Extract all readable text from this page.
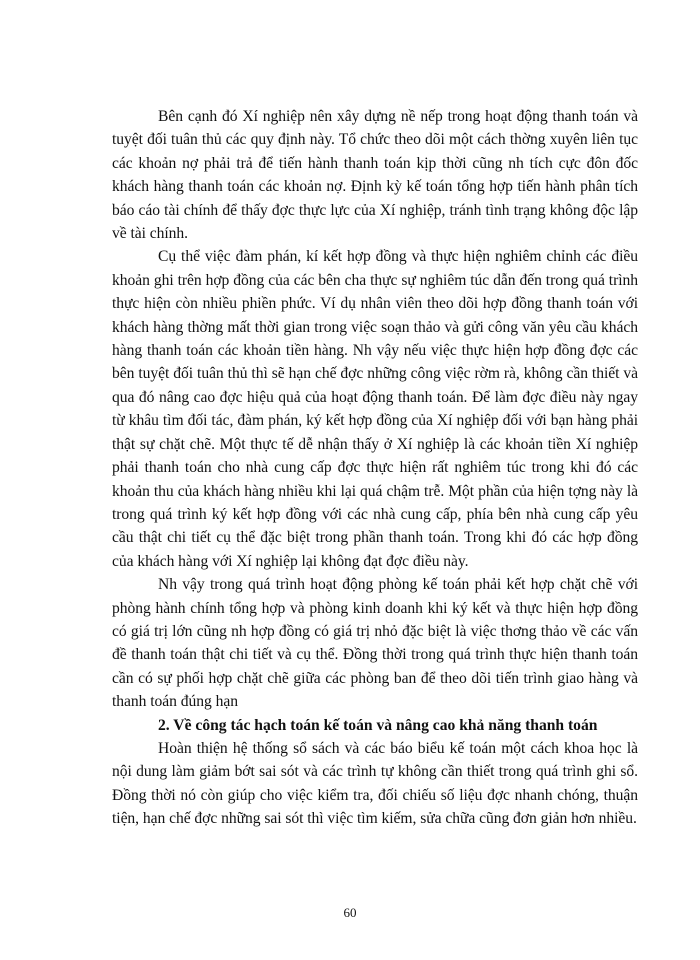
Bên cạnh đó Xí nghiệp nên xây dựng nề nếp trong hoạt động thanh toán và tuyệt đối tuân thủ các quy định này. Tổ chức theo dõi một cách thờng xuyên liên tục các khoản nợ phải trả để tiến hành thanh toán kịp thời cũng nh tích cực đôn đốc khách hàng thanh toán các khoản nợ. Định kỳ kế toán tổng hợp tiến hành phân tích báo cáo tài chính để thấy đợc thực lực của Xí nghiệp, tránh tình trạng không độc lập về tài chính.

Cụ thể việc đàm phán, kí kết hợp đồng và thực hiện nghiêm chỉnh các điều khoản ghi trên hợp đồng của các bên cha thực sự nghiêm túc dẫn đến trong quá trình thực hiện còn nhiều phiền phức. Ví dụ nhân viên theo dõi hợp đồng thanh toán với khách hàng thờng mất thời gian trong việc soạn thảo và gửi công văn yêu cầu khách hàng thanh toán các khoản tiền hàng. Nh vậy nếu việc thực hiện hợp đồng đợc các bên tuyệt đối tuân thủ thì sẽ hạn chế đợc những công việc rờm rà, không cần thiết và qua đó nâng cao đợc hiệu quả của hoạt động thanh toán. Để làm đợc điều này ngay từ khâu tìm đối tác, đàm phán, ký kết hợp đồng của Xí nghiệp đối với bạn hàng phải thật sự chặt chẽ. Một thực tế dễ nhận thấy ở Xí nghiệp là các khoản tiền Xí nghiệp phải thanh toán cho nhà cung cấp đợc thực hiện rất nghiêm túc trong khi đó các khoản thu của khách hàng nhiều khi lại quá chậm trễ. Một phần của hiện tợng này là trong quá trình ký kết hợp đồng với các nhà cung cấp, phía bên nhà cung cấp yêu cầu thật chi tiết cụ thể đặc biệt trong phần thanh toán. Trong khi đó các hợp đồng của khách hàng với Xí nghiệp lại không đạt đợc điều này.

Nh vậy trong quá trình hoạt động phòng kế toán phải kết hợp chặt chẽ với phòng hành chính tổng hợp và phòng kinh doanh khi ký kết và thực hiện hợp đồng có giá trị lớn cũng nh hợp đồng có giá trị nhỏ đặc biệt là việc thơng thảo về các vấn đề thanh toán thật chi tiết và cụ thể. Đồng thời trong quá trình thực hiện thanh toán cần có sự phối hợp chặt chẽ giữa các phòng ban để theo dõi tiến trình giao hàng và thanh toán đúng hạn

2. Về công tác hạch toán kế toán và nâng cao khả năng thanh toán

Hoàn thiện hệ thống sổ sách và các báo biểu kế toán một cách khoa học là nội dung làm giảm bớt sai sót và các trình tự không cần thiết trong quá trình ghi sổ. Đồng thời nó còn giúp cho việc kiểm tra, đối chiếu số liệu đợc nhanh chóng, thuận tiện, hạn chế đợc những sai sót thì việc tìm kiếm, sửa chữa cũng đơn giản hơn nhiều.

60
